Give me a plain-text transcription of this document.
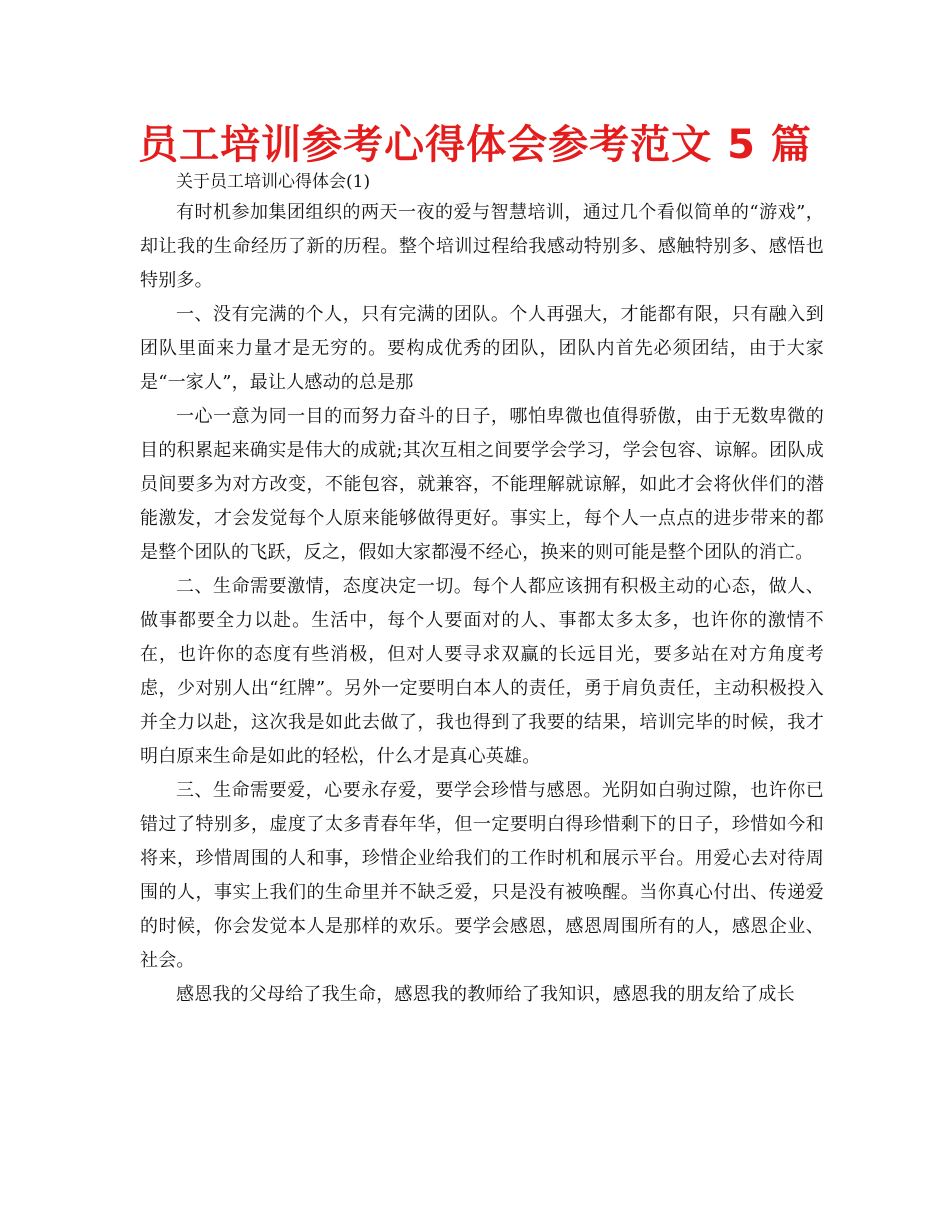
员工培训参考心得体会参考范文 5 篇
关于员工培训心得体会(1)

有时机参加集团组织的两天一夜的爱与智慧培训，通过几个看似简单的“游戏”，却让我的生命经历了新的历程。整个培训过程给我感动特别多、感触特别多、感悟也特别多。

一、没有完满的个人，只有完满的团队。个人再强大，才能都有限，只有融入到团队里面来力量才是无穷的。要构成优秀的团队，团队内首先必须团结，由于大家是“一家人”，最让人感动的总是那

一心一意为同一目的而努力奋斗的日子，哪怕卑微也值得骄傲，由于无数卑微的目的积累起来确实是伟大的成就;其次互相之间要学会学习，学会包容、谅解。团队成员间要多为对方改变，不能包容，就兼容，不能理解就谅解，如此才会将伙伴们的潜能激发，才会发觉每个人原来能够做得更好。事实上，每个人一点点的进步带来的都是整个团队的飞跃，反之，假如大家都漫不经心，换来的则可能是整个团队的消亡。

二、生命需要激情，态度决定一切。每个人都应该拥有积极主动的心态，做人、做事都要全力以赴。生活中，每个人要面对的人、事都太多太多，也许你的激情不在，也许你的态度有些消极，但对人要寻求双赢的长远目光，要多站在对方角度考虑，少对别人出“红牌”。另外一定要明白本人的责任，勇于肩负责任，主动积极投入并全力以赴，这次我是如此去做了，我也得到了我要的结果，培训完毕的时候，我才明白原来生命是如此的轻松，什么才是真心英雄。

三、生命需要爱，心要永存爱，要学会珍惜与感恩。光阴如白驹过隙，也许你已错过了特别多，虚度了太多青春年华，但一定要明白得珍惜剩下的日子，珍惜如今和将来，珍惜周围的人和事，珍惜企业给我们的工作时机和展示平台。用爱心去对待周围的人，事实上我们的生命里并不缺乏爱，只是没有被唤醒。当你真心付出、传递爱的时候，你会发觉本人是那样的欢乐。要学会感恩，感恩周围所有的人，感恩企业、社会。

感恩我的父母给了我生命，感恩我的教师给了我知识，感恩我的朋友给了成长
